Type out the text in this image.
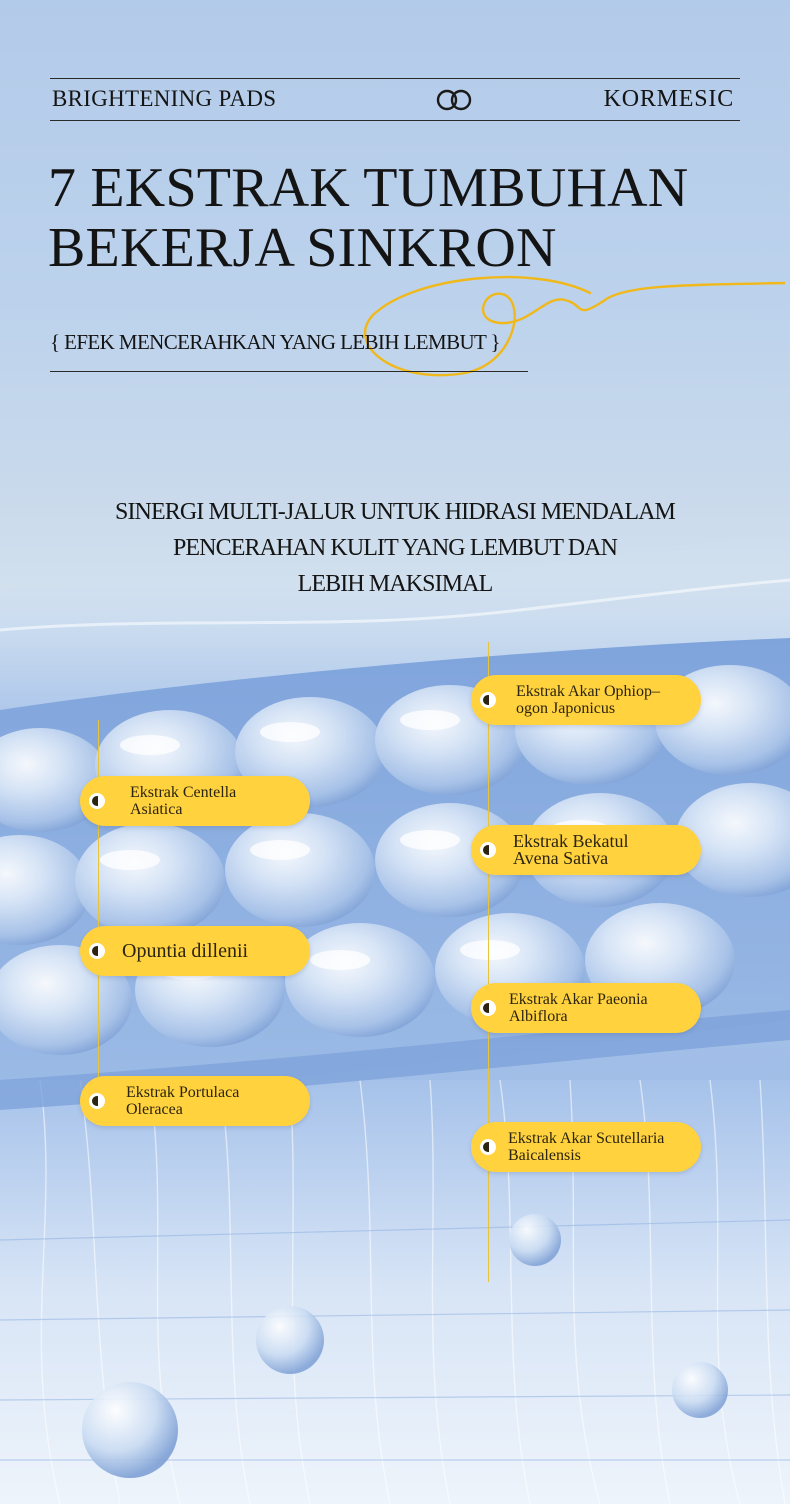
BRIGHTENING PADS	KORMESIC
7 EKSTRAK TUMBUHAN
BEKERJA SINKRON
{ EFEK MENCERAHKAN YANG LEBIH LEMBUT }
SINERGI MULTI-JALUR UNTUK HIDRASI MENDALAM
PENCERAHAN KULIT YANG LEMBUT DAN
LEBIH MAKSIMAL
Ekstrak Centella
Asiatica
Opuntia dillenii
Ekstrak Portulaca
Oleracea
Ekstrak Akar Ophiop–
ogon Japonicus
Ekstrak Bekatul
Avena Sativa
Ekstrak Akar Paeonia
Albiflora
Ekstrak Akar Scutellaria
Baicalensis
